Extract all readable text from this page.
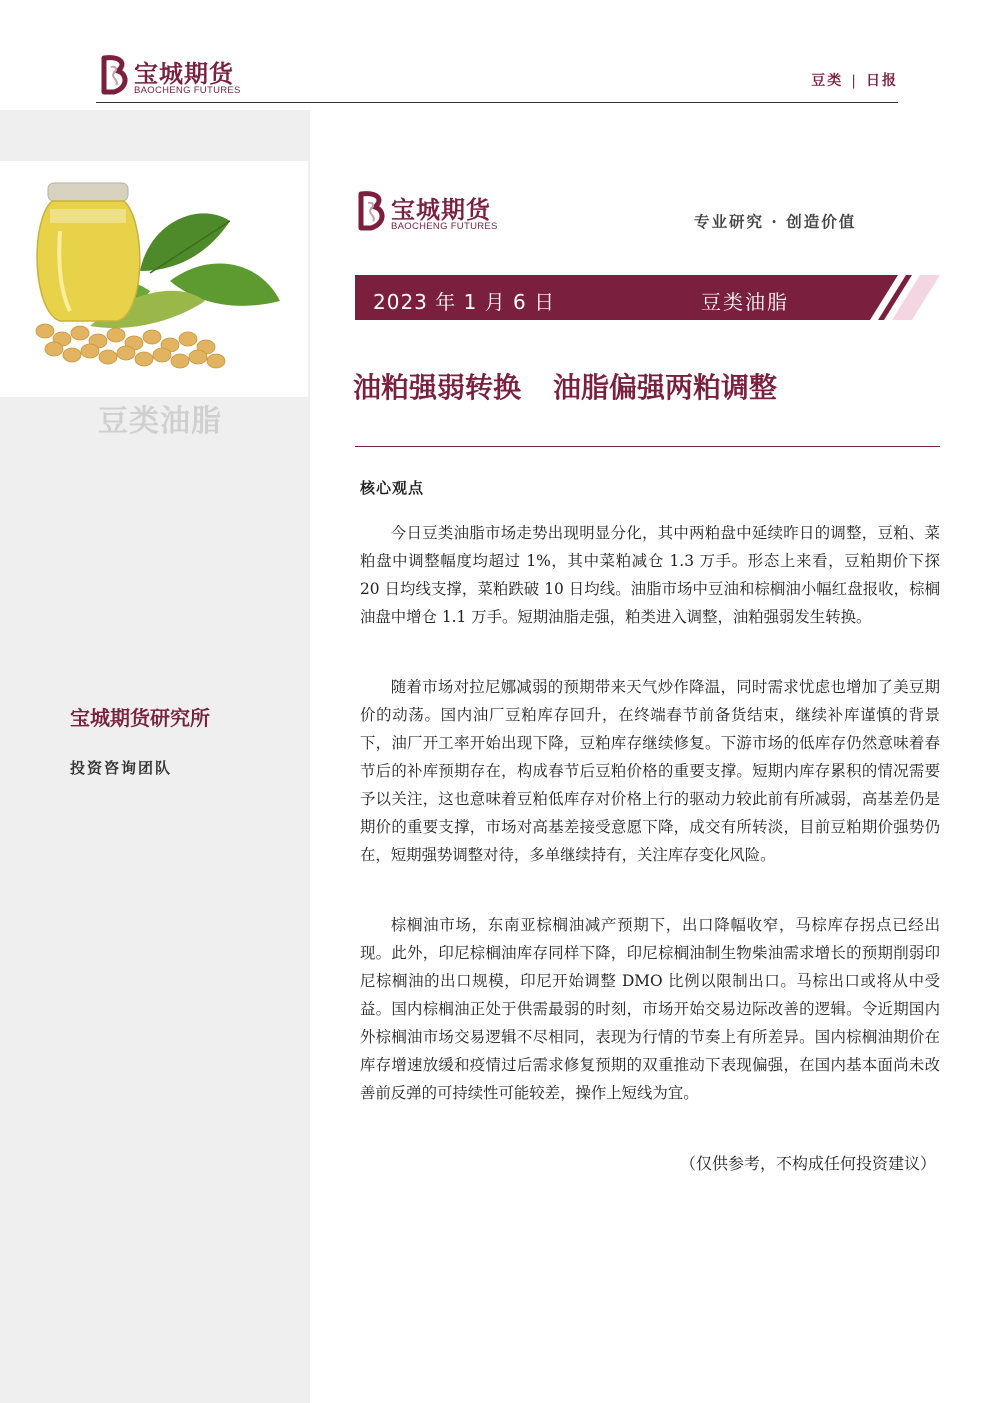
宝城期货
BAOCHENG FUTURES
豆类 | 日报
豆类油脂
宝城期货研究所
投资咨询团队
宝城期货
BAOCHENG FUTURES	专业研究 · 创造价值
2023 年 1 月 6 日	豆类油脂
油粕强弱转换 油脂偏强两粕调整
核心观点

今日豆类油脂市场走势出现明显分化，其中两粕盘中延续昨日的调整，豆粕、菜粕盘中调整幅度均超过 1%，其中菜粕减仓 1.3 万手。形态上来看，豆粕期价下探 20 日均线支撑，菜粕跌破 10 日均线。油脂市场中豆油和棕榈油小幅红盘报收，棕榈油盘中增仓 1.1 万手。短期油脂走强，粕类进入调整，油粕强弱发生转换。

随着市场对拉尼娜减弱的预期带来天气炒作降温，同时需求忧虑也增加了美豆期价的动荡。国内油厂豆粕库存回升，在终端春节前备货结束，继续补库谨慎的背景下，油厂开工率开始出现下降，豆粕库存继续修复。下游市场的低库存仍然意味着春节后的补库预期存在，构成春节后豆粕价格的重要支撑。短期内库存累积的情况需要予以关注，这也意味着豆粕低库存对价格上行的驱动力较此前有所减弱，高基差仍是期价的重要支撑，市场对高基差接受意愿下降，成交有所转淡，目前豆粕期价强势仍在，短期强势调整对待，多单继续持有，关注库存变化风险。

棕榈油市场，东南亚棕榈油减产预期下，出口降幅收窄，马棕库存拐点已经出现。此外，印尼棕榈油库存同样下降，印尼棕榈油制生物柴油需求增长的预期削弱印尼棕榈油的出口规模，印尼开始调整 DMO 比例以限制出口。马棕出口或将从中受益。国内棕榈油正处于供需最弱的时刻，市场开始交易边际改善的逻辑。令近期国内外棕榈油市场交易逻辑不尽相同，表现为行情的节奏上有所差异。国内棕榈油期价在库存增速放缓和疫情过后需求修复预期的双重推动下表现偏强，在国内基本面尚未改善前反弹的可持续性可能较差，操作上短线为宜。

（仅供参考，不构成任何投资建议）
